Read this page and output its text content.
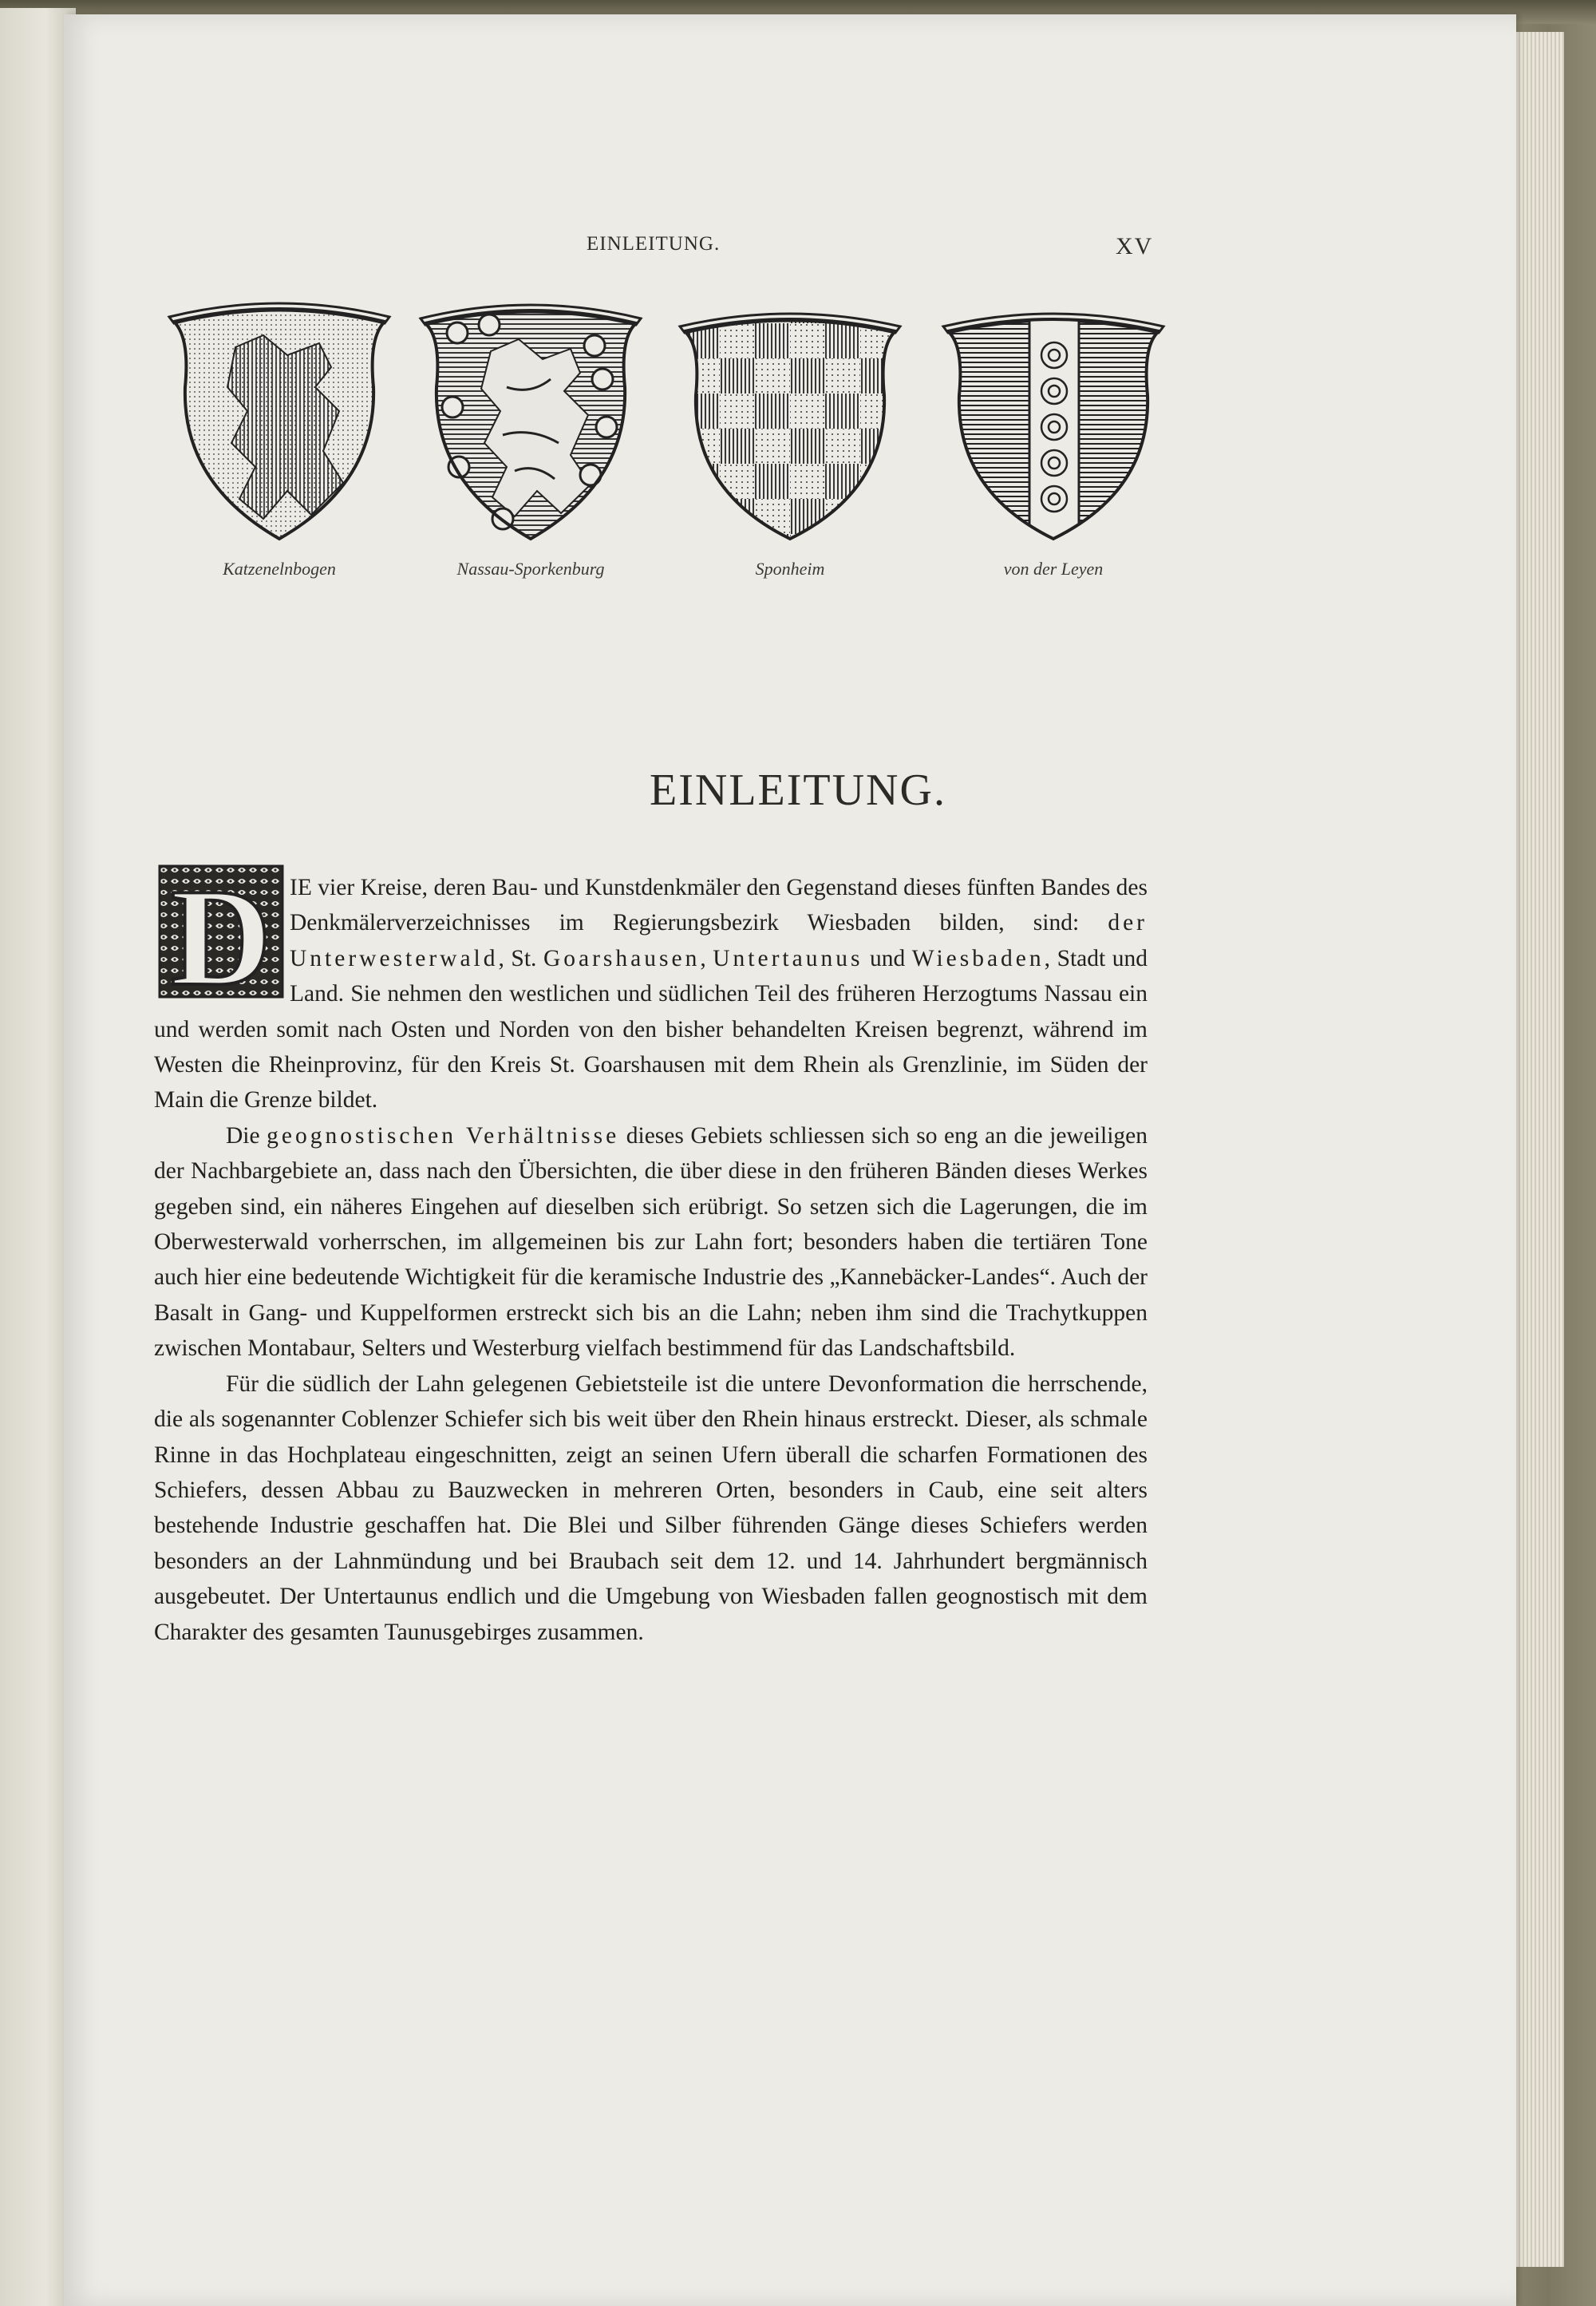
EINLEITUNG.	XV
Katzenelnbogen	Nassau-Sporkenburg	Sponheim	von der Leyen
EINLEITUNG.
D IE vier Kreise, deren Bau- und Kunstdenkmäler den Gegenstand dieses fünften Bandes des Denkmälerverzeichnisses im Regierungsbezirk Wiesbaden bilden, sind: der Unterwesterwald, St. Goarshausen, Untertaunus und Wiesbaden, Stadt und Land. Sie nehmen den westlichen und südlichen Teil des früheren Herzogtums Nassau ein und werden somit nach Osten und Norden von den bisher behandelten Kreisen begrenzt, während im Westen die Rheinprovinz, für den Kreis St. Goarshausen mit dem Rhein als Grenzlinie, im Süden der Main die Grenze bildet.

Die geognostischen Verhältnisse dieses Gebiets schliessen sich so eng an die jeweiligen der Nachbargebiete an, dass nach den Übersichten, die über diese in den früheren Bänden dieses Werkes gegeben sind, ein näheres Eingehen auf dieselben sich erübrigt. So setzen sich die Lagerungen, die im Oberwesterwald vorherrschen, im allgemeinen bis zur Lahn fort; besonders haben die tertiären Tone auch hier eine bedeutende Wichtigkeit für die keramische Industrie des „Kannebäcker-Landes“. Auch der Basalt in Gang- und Kuppelformen erstreckt sich bis an die Lahn; neben ihm sind die Trachytkuppen zwischen Montabaur, Selters und Westerburg vielfach bestimmend für das Landschaftsbild.

Für die südlich der Lahn gelegenen Gebietsteile ist die untere Devonformation die herrschende, die als sogenannter Coblenzer Schiefer sich bis weit über den Rhein hinaus erstreckt. Dieser, als schmale Rinne in das Hochplateau eingeschnitten, zeigt an seinen Ufern überall die scharfen Formationen des Schiefers, dessen Abbau zu Bauzwecken in mehreren Orten, besonders in Caub, eine seit alters bestehende Industrie geschaffen hat. Die Blei und Silber führenden Gänge dieses Schiefers werden besonders an der Lahnmündung und bei Braubach seit dem 12. und 14. Jahrhundert bergmännisch ausgebeutet. Der Untertaunus endlich und die Umgebung von Wiesbaden fallen geognostisch mit dem Charakter des gesamten Taunusgebirges zusammen.
